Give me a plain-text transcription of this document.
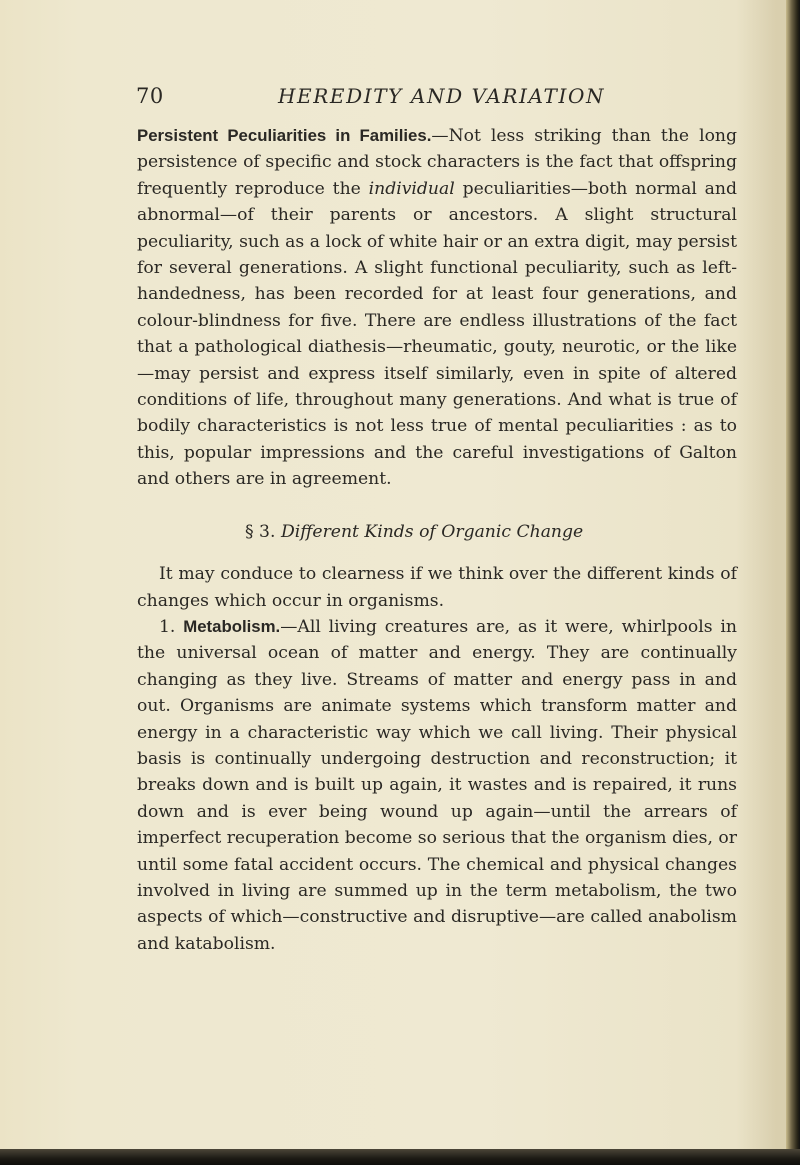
70	HEREDITY AND VARIATION

Persistent Peculiarities in Families.—Not less striking than the long persistence of specific and stock characters is the fact that offspring frequently reproduce the individual peculiarities—both normal and abnormal—of their parents or ancestors. A slight structural peculiarity, such as a lock of white hair or an extra digit, may persist for several generations. A slight functional peculiarity, such as left-handedness, has been recorded for at least four generations, and colour-blindness for five. There are endless illustrations of the fact that a pathological diathesis—rheumatic, gouty, neurotic, or the like—may persist and express itself similarly, even in spite of altered conditions of life, throughout many generations. And what is true of bodily characteristics is not less true of mental peculiarities : as to this, popular impressions and the careful investigations of Galton and others are in agreement.

§ 3. Different Kinds of Organic Change

It may conduce to clearness if we think over the different kinds of changes which occur in organisms.

1. Metabolism.—All living creatures are, as it were, whirlpools in the universal ocean of matter and energy. They are continually changing as they live. Streams of matter and energy pass in and out. Organisms are animate systems which transform matter and energy in a characteristic way which we call living. Their physical basis is continually undergoing destruction and reconstruction; it breaks down and is built up again, it wastes and is repaired, it runs down and is ever being wound up again—until the arrears of imperfect recuperation become so serious that the organism dies, or until some fatal accident occurs. The chemical and physical changes involved in living are summed up in the term metabolism, the two aspects of which—constructive and disruptive—are called anabolism and katabolism.
